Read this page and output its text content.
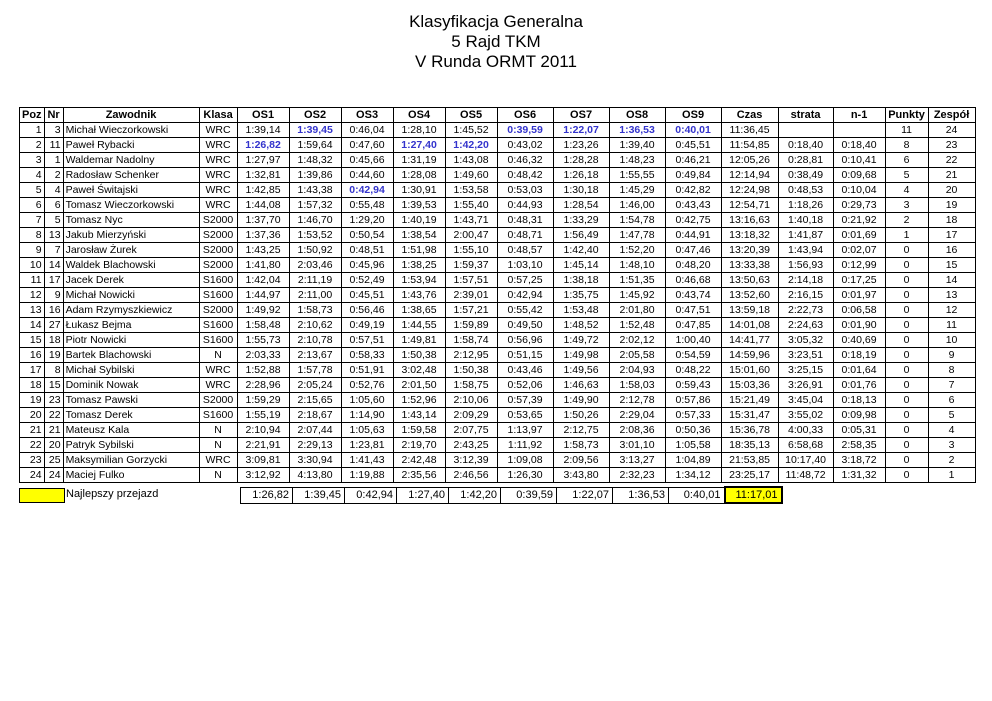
Klasyfikacja Generalna
5 Rajd TKM
V Runda ORMT 2011
Poz	Nr	Zawodnik	Klasa	OS1	OS2	OS3	OS4	OS5	OS6	OS7	OS8	OS9	Czas	strata	n-1	Punkty	Zespół
1	3	Michał Wieczorkowski	WRC	1:39,14	1:39,45	0:46,04	1:28,10	1:45,52	0:39,59	1:22,07	1:36,53	0:40,01	11:36,45			11	24
2	11	Paweł Rybacki	WRC	1:26,82	1:59,64	0:47,60	1:27,40	1:42,20	0:43,02	1:23,26	1:39,40	0:45,51	11:54,85	0:18,40	0:18,40	8	23
3	1	Waldemar Nadolny	WRC	1:27,97	1:48,32	0:45,66	1:31,19	1:43,08	0:46,32	1:28,28	1:48,23	0:46,21	12:05,26	0:28,81	0:10,41	6	22
4	2	Radosław Schenker	WRC	1:32,81	1:39,86	0:44,60	1:28,08	1:49,60	0:48,42	1:26,18	1:55,55	0:49,84	12:14,94	0:38,49	0:09,68	5	21
5	4	Paweł Świtajski	WRC	1:42,85	1:43,38	0:42,94	1:30,91	1:53,58	0:53,03	1:30,18	1:45,29	0:42,82	12:24,98	0:48,53	0:10,04	4	20
6	6	Tomasz Wieczorkowski	WRC	1:44,08	1:57,32	0:55,48	1:39,53	1:55,40	0:44,93	1:28,54	1:46,00	0:43,43	12:54,71	1:18,26	0:29,73	3	19
7	5	Tomasz Nyc	S2000	1:37,70	1:46,70	1:29,20	1:40,19	1:43,71	0:48,31	1:33,29	1:54,78	0:42,75	13:16,63	1:40,18	0:21,92	2	18
8	13	Jakub Mierzyński	S2000	1:37,36	1:53,52	0:50,54	1:38,54	2:00,47	0:48,71	1:56,49	1:47,78	0:44,91	13:18,32	1:41,87	0:01,69	1	17
9	7	Jarosław Żurek	S2000	1:43,25	1:50,92	0:48,51	1:51,98	1:55,10	0:48,57	1:42,40	1:52,20	0:47,46	13:20,39	1:43,94	0:02,07	0	16
10	14	Waldek Blachowski	S2000	1:41,80	2:03,46	0:45,96	1:38,25	1:59,37	1:03,10	1:45,14	1:48,10	0:48,20	13:33,38	1:56,93	0:12,99	0	15
11	17	Jacek Derek	S1600	1:42,04	2:11,19	0:52,49	1:53,94	1:57,51	0:57,25	1:38,18	1:51,35	0:46,68	13:50,63	2:14,18	0:17,25	0	14
12	9	Michał Nowicki	S1600	1:44,97	2:11,00	0:45,51	1:43,76	2:39,01	0:42,94	1:35,75	1:45,92	0:43,74	13:52,60	2:16,15	0:01,97	0	13
13	16	Adam Rzymyszkiewicz	S2000	1:49,92	1:58,73	0:56,46	1:38,65	1:57,21	0:55,42	1:53,48	2:01,80	0:47,51	13:59,18	2:22,73	0:06,58	0	12
14	27	Łukasz Bejma	S1600	1:58,48	2:10,62	0:49,19	1:44,55	1:59,89	0:49,50	1:48,52	1:52,48	0:47,85	14:01,08	2:24,63	0:01,90	0	11
15	18	Piotr Nowicki	S1600	1:55,73	2:10,78	0:57,51	1:49,81	1:58,74	0:56,96	1:49,72	2:02,12	1:00,40	14:41,77	3:05,32	0:40,69	0	10
16	19	Bartek Blachowski	N	2:03,33	2:13,67	0:58,33	1:50,38	2:12,95	0:51,15	1:49,98	2:05,58	0:54,59	14:59,96	3:23,51	0:18,19	0	9
17	8	Michał Sybilski	WRC	1:52,88	1:57,78	0:51,91	3:02,48	1:50,38	0:43,46	1:49,56	2:04,93	0:48,22	15:01,60	3:25,15	0:01,64	0	8
18	15	Dominik Nowak	WRC	2:28,96	2:05,24	0:52,76	2:01,50	1:58,75	0:52,06	1:46,63	1:58,03	0:59,43	15:03,36	3:26,91	0:01,76	0	7
19	23	Tomasz Pawski	S2000	1:59,29	2:15,65	1:05,60	1:52,96	2:10,06	0:57,39	1:49,90	2:12,78	0:57,86	15:21,49	3:45,04	0:18,13	0	6
20	22	Tomasz Derek	S1600	1:55,19	2:18,67	1:14,90	1:43,14	2:09,29	0:53,65	1:50,26	2:29,04	0:57,33	15:31,47	3:55,02	0:09,98	0	5
21	21	Mateusz Kala	N	2:10,94	2:07,44	1:05,63	1:59,58	2:07,75	1:13,97	2:12,75	2:08,36	0:50,36	15:36,78	4:00,33	0:05,31	0	4
22	20	Patryk Sybilski	N	2:21,91	2:29,13	1:23,81	2:19,70	2:43,25	1:11,92	1:58,73	3:01,10	1:05,58	18:35,13	6:58,68	2:58,35	0	3
23	25	Maksymilian Gorzycki	WRC	3:09,81	3:30,94	1:41,43	2:42,48	3:12,39	1:09,08	2:09,56	3:13,27	1:04,89	21:53,85	10:17,40	3:18,72	0	2
24	24	Maciej Fulko	N	3:12,92	4:13,80	1:19,88	2:35,56	2:46,56	1:26,30	3:43,80	2:32,23	1:34,12	23:25,17	11:48,72	1:31,32	0	1
Najlepszy przejazd	1:26,82	1:39,45	0:42,94	1:27,40	1:42,20	0:39,59	1:22,07	1:36,53	0:40,01	11:17,01
